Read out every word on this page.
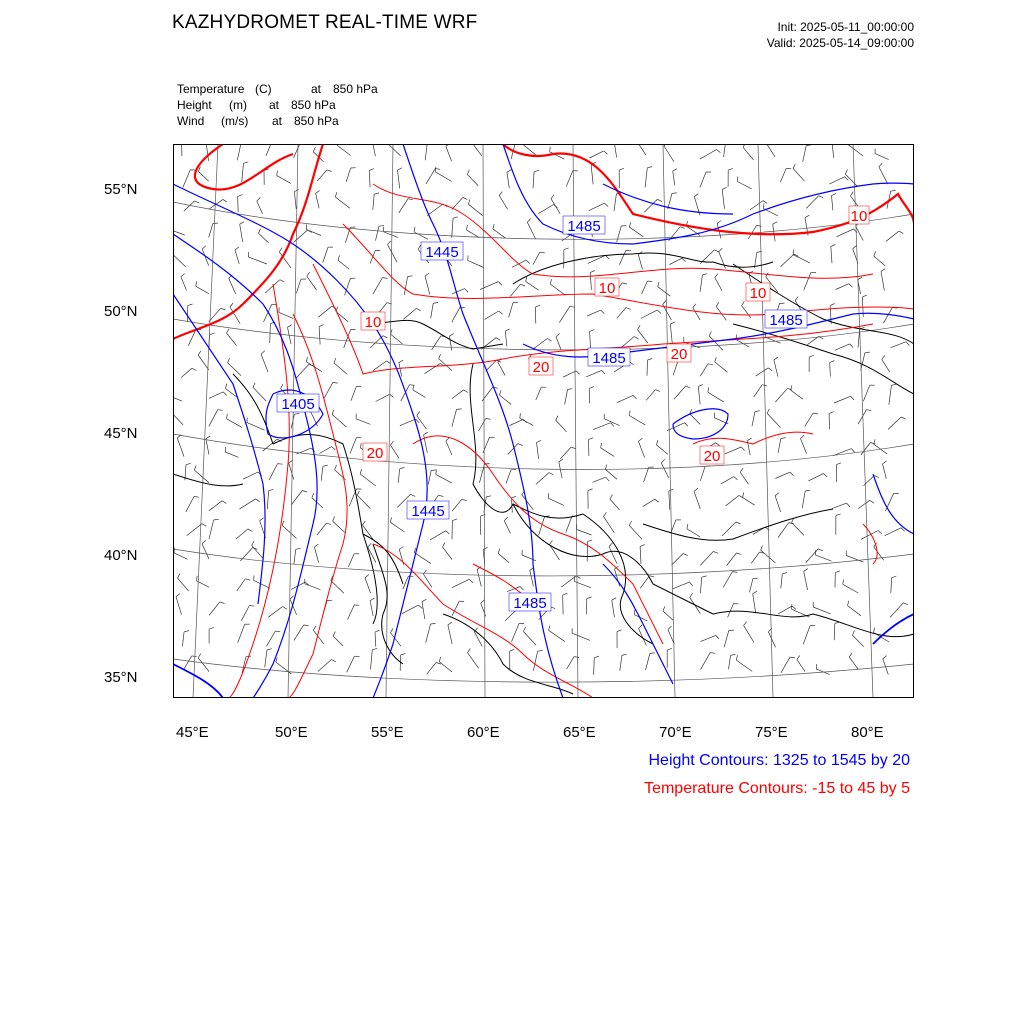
KAZHYDROMET REAL-TIME WRF	Init: 2025-05-11_00:00:00
Valid: 2025-05-14_09:00:00
Temperature (C)	at 850 hPa
Height (m) at 850 hPa
Wind (m/s) at 850 hPa
1485
1445
1485
1485
1405
1445
1485
10
10
10
20
20
20	20
10
55°N
50°N
45°N
40°N
35°N
45°E	50°E	55°E	60°E	65°E	70°E	75°E	80°E
Height Contours: 1325 to 1545 by 20
Temperature Contours: -15 to 45 by 5
